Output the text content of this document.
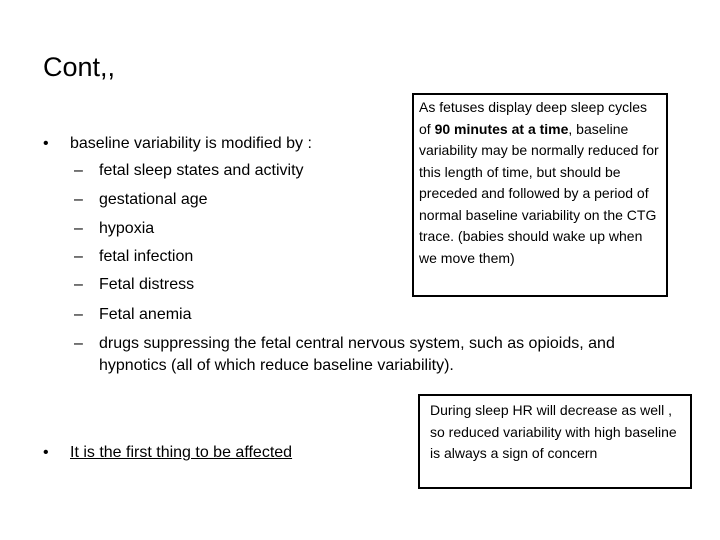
Cont,,
• baseline variability is modified by :
– fetal sleep states and activity
– gestational age
– hypoxia
– fetal infection
– Fetal distress
– Fetal anemia
– drugs suppressing the fetal central nervous system, such as opioids, and hypnotics (all of which reduce baseline variability).
• It is the first thing to be affected
As fetuses display deep sleep cycles of 90 minutes at a time, baseline variability may be normally reduced for this length of time, but should be preceded and followed by a period of normal baseline variability on the CTG trace. (babies should wake up when we move them)
During sleep HR will decrease as well , so reduced variability with high baseline is always a sign of concern
